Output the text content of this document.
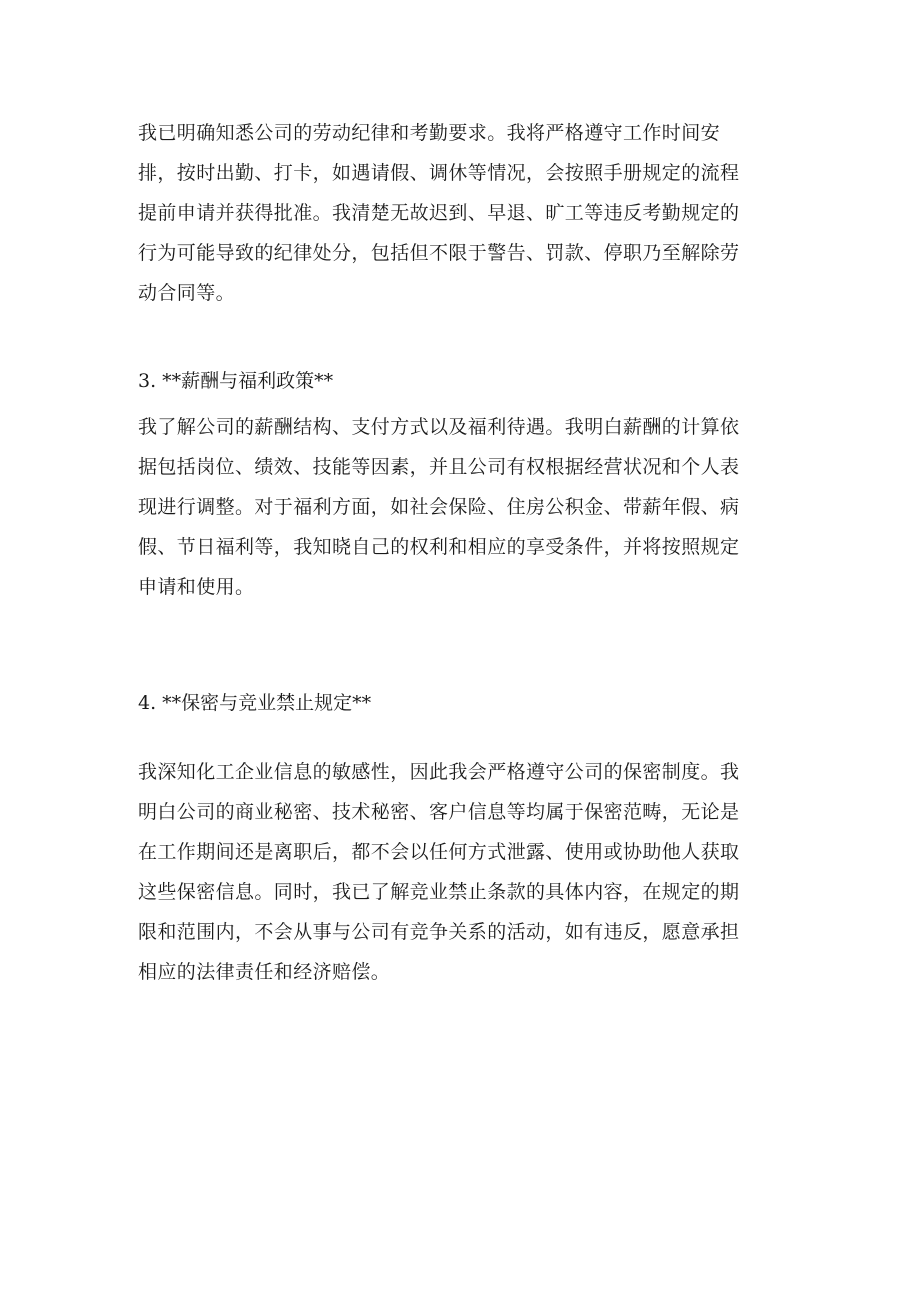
我已明确知悉公司的劳动纪律和考勤要求。我将严格遵守工作时间安
排，按时出勤、打卡，如遇请假、调休等情况，会按照手册规定的流程
提前申请并获得批准。我清楚无故迟到、早退、旷工等违反考勤规定的
行为可能导致的纪律处分，包括但不限于警告、罚款、停职乃至解除劳
动合同等。
3. **薪酬与福利政策**
我了解公司的薪酬结构、支付方式以及福利待遇。我明白薪酬的计算依
据包括岗位、绩效、技能等因素，并且公司有权根据经营状况和个人表
现进行调整。对于福利方面，如社会保险、住房公积金、带薪年假、病
假、节日福利等，我知晓自己的权利和相应的享受条件，并将按照规定
申请和使用。
4. **保密与竞业禁止规定**
我深知化工企业信息的敏感性，因此我会严格遵守公司的保密制度。我
明白公司的商业秘密、技术秘密、客户信息等均属于保密范畴，无论是
在工作期间还是离职后，都不会以任何方式泄露、使用或协助他人获取
这些保密信息。同时，我已了解竞业禁止条款的具体内容，在规定的期
限和范围内，不会从事与公司有竞争关系的活动，如有违反，愿意承担
相应的法律责任和经济赔偿。
